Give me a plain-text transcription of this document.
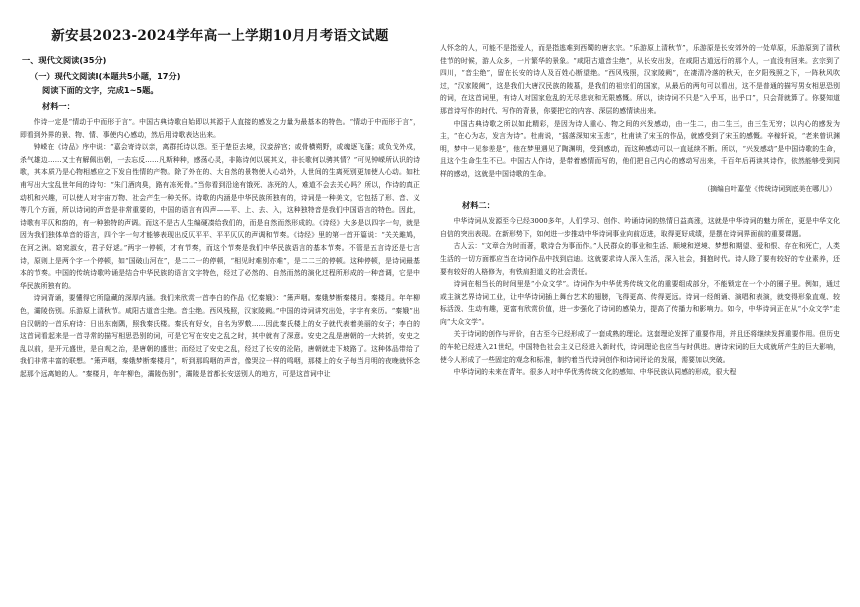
新安县2023-2024学年高一上学期10月月考语文试题
一、现代文阅读(35分)
（一）现代文阅读Ⅰ(本题共5小题，17分)
阅读下面的文字，完成1~5题。
材料一：

作诗一定是“情动于中而形于言”。中国古典诗歌自始即以其源于人直接的感发之力量为最基本的特色。“情动于中而形于言”，即看到外界的景、物、情、事使内心感动，然后用诗歌表达出来。

钟嵘在《诗品》序中说：“嘉会寄诗以亲，离群托诗以怨。至于楚臣去境，汉妾辞宫；或骨横朔野，或魂逐飞蓬；或负戈外戍，杀气雄边……又士有解佩出朝，一去忘反……凡斯种种，感荡心灵，非陈诗何以展其义，非长歌何以骋其情？”可见钟嵘所认识的诗歌，其本质乃是心物相感应之下发自性情的产物。除了外在的、大自然的景物使人心动外，人世间的生离死别更加使人心动。如杜甫写出大宝乱世年间的诗句：“朱门酒肉臭，路有冻死骨。”当你看到沿途有饿死、冻死的人，难道不会去关心吗？所以，作诗的真正动机和兴趣，可以使人对宇宙万物、社会产生一种关怀。诗歌的内涵是中华民族所独有的，诗词是一种美文，它包括了形、音、义等几个方面，所以诗词的声音是非常重要的，中国的语言有四声——平、上、去、入，这种独特音是我们中国语言的特色。因此，诗歌有平仄和韵的，有一种独特的声调。而这不是古人生编硬凑给我们的，而是自然而然形成的。《诗经》大多是以四字一句，就是因为我们独体单音的语言，四个字一句才能够表现出反仄平平、平平仄仄的声调和节奏。《诗经》里的第一首开篇说：“关关雎鸠，在河之洲。窈窕淑女，君子好逑。”两字一停顿，才有节奏，而这个节奏是我们中华民族语言的基本节奏。不管是五言诗还是七言诗，原则上是两个字一个停顿，如“国破山河在”，是二二一的停顿，“相见时难别亦难”，是二二三的停顿。这种停顿，是诗词最基本的节奏。中国的传统诗歌吟诵是结合中华民族的语言文字特色，经过了必然的、自然而然的演化过程所形成的一种音调，它是中华民族所独有的。

诗词背诵，要懂得它所隐藏的深厚内涵。我们来欣赏一首李白的作品《忆秦娥》：“箫声咽。秦娥梦断秦楼月。秦楼月。年年柳色，灞陵伤别。乐游原上清秋节。咸阳古道音尘绝。音尘绝。西风残照，汉家陵阙。”中国的诗词讲究出处，字字有来历。“秦娥”出自汉朝的一首乐府诗：日出东南隅，照我秦氏楼。秦氏有好女，自名为罗敷……因此秦氏楼上的女子就代表着美丽的女子；李白的这首词看起来是一首寻常的描写相思恐别的词，可是它写在安史之乱之时，其中就有了深意。安史之乱是唐朝的一大转折，安史之乱以前，是开元盛世，是自观之治，是唐朝的盛世；而经过了安史之乱，经过了长安的沦陷，唐朝就走下坡路了。这种体品带给了我们非常丰富的联想。“箫声咽，秦娥梦断秦楼月”，听到那呜咽的声音，像哭泣一样的鸣咽，那楼上的女子每当月明的夜晚就怀念起那个远离她的人。“秦楼月，年年柳色，灞陵伤别”，灞陵是首都长安送别人的地方，可是这首词中让

人怀念的人，可能不是指爱人，而是指逃难到西蜀的唐玄宗。“乐游原上清秋节”，乐游原是长安郊外的一处草原，乐游原到了清秋佳节的时候，游人众多，一片繁华的景象。“咸阳古道音尘绝”，从长安出发，在咸阳古道远行的那个人，一直没有回来。玄宗到了四川，“音尘绝”，留在长安的诗人及百姓心断望绝。“西风残照，汉家陵阙”，在凄清冷落的秋天，在夕阳残照之下，一阵秋风吹过，“汉家陵阙”，这是我们大唐汉民族的陵墓，是我们的祖宗们的国家，从最后的两句可以看出，这不是普通的描写男女相思恐别的词，在这首词里，有诗人对国家危乱的无尽悲哀和无限感慨。所以，读诗词不只是“入乎耳，出乎口”，只会背就算了。你要知道那首诗写作的时代、写作的背景，你要把它的内容、深层的感情读出来。

中国古典诗歌之所以如此精彩，是因为诗人重心、物之间的兴发感动，由一生二，由二生三，由三生无穷；以内心的感发为主，“在心为志，发言为诗”。杜甫说，“摇落深知宋玉悲”，杜甫读了宋玉的作品，就感受到了宋玉的感慨。辛稼轩说，“老来曾识渊明，梦中一见参差是”，他在梦里遇见了陶渊明，受到感动，而这种感动可以一直延续不断。所以，“兴发感动”是中国诗歌的生命，且这个生命生生不已。中国古人作诗，是带着感情而写的，他们把自己内心的感动写出来，千百年后再读其诗作，依然能够受到同样的感动，这就是中国诗歌的生命。

（摘编自叶嘉莹《传统诗词到底美在哪儿》）
材料二：

中华诗词从发源至今已经3000多年，人们学习、创作、吟诵诗词的热情日益高涨，这就是中华诗词的魅力所在，更是中华文化自信的突出表现。在新形势下，如何进一步推动中华诗词事业向前迈进，取得更好成绩，是摆在诗词界面前的重要课题。

古人云：“文章合为时而著，歌诗合为事而作。”人民群众的事业和生活、顺境和逆境、梦想和期望、爱和恨、存在和死亡，人类生活的一切方面都应当在诗词作品中找到启迪。这就要求诗人深入生活，深入社会，拥抱时代。诗人除了要有较好的专业素养，还要有较好的人格修为，有铁肩担道义的社会责任。

诗词在相当长的时间里是“小众文学”。诗词作为中华优秀传统文化的重要组成部分，不能锁定在一个小的圈子里。例如，通过或主演艺界诗词工业，让中华诗词插上舞台艺术的翅膀，飞得更高、传得更远。诗词一经朗诵、演唱和表演，就变得形象直观、较标活泼、生动有趣，更富有欣赏价值，进一步强化了诗词的感染力，提高了传播力和影响力。如今，中华诗词正在从“小众文学”走向“大众文学”。

关于诗词的创作与评价，自古至今已经形成了一套成熟的理论。这套理论发挥了重要作用，并且还将继续发挥重要作用。但历史的车轮已经进入21世纪，中国特色社会主义已经进入新时代，诗词理论也应当与时俱进。唐诗宋词的巨大成就所产生的巨大影响，使今人形成了一些固定的观念和标准，制约着当代诗词创作和诗词评论的发展，需要加以突破。

中华诗词的未来在青年。很多人对中华优秀传统文化的感知、中华民族认同感的形成，很大程
